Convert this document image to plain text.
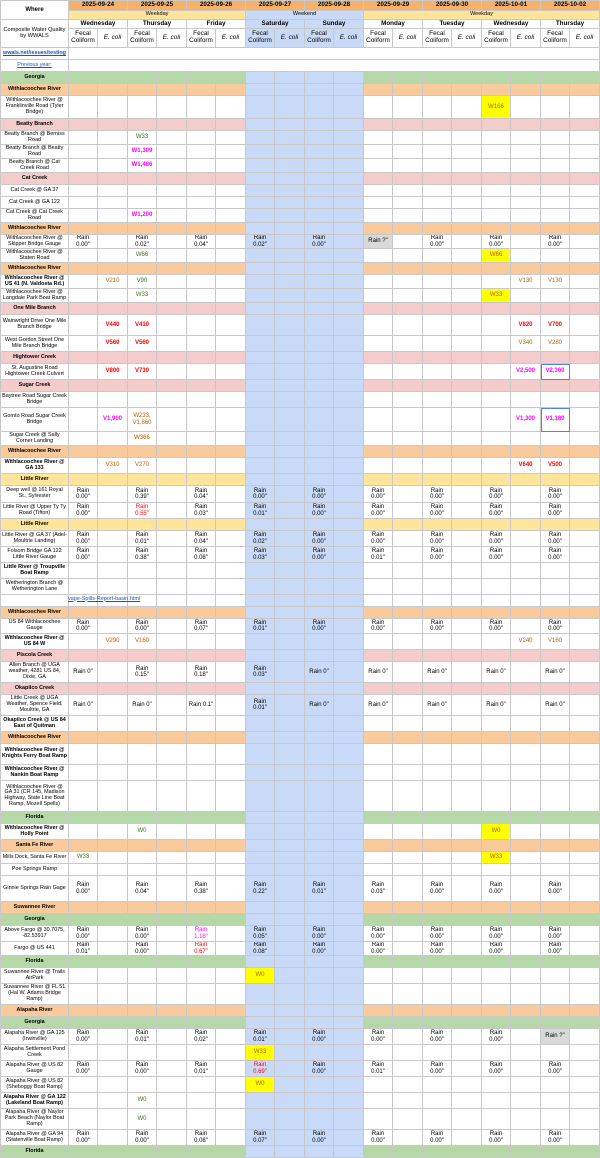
Where	2025-09-24		2025-09-25		2025-09-26		2025-09-27		2025-09-28		2025-09-29		2025-09-30		2025-10-01		2025-10-02	
	Weekday						Weekend				Weekday							
Composite Water Quality by WWALS	Wednesday		Thursday		Friday		Saturday		Sunday		Monday		Tuesday		Wednesday		Thursday	
	Fecal Coliform	E. coli	Fecal Coliform	E. coli	Fecal Coliform	E. coli	Fecal Coliform	E. coli	Fecal Coliform	E. coli	Fecal Coliform	E. coli	Fecal Coliform	E. coli	Fecal Coliform	E. coli	Fecal Coliform	E. coli
wwals.net/issues/testing																		
Previous year:																		
Georgia																		
Withlacoochee River																		
Withlacoochee River @ Franklinville Road (Tyler Bridge)															W166			
Beatty Branch																		
Beatty Branch @ Berniss Road			W33															
Beatty Branch @ Beatty Road			W1,309															
Beatty Branch @ Cat Creek Road			W1,486															
Cat Creek																		
Cat Creek @ GA 37																		
Cat Creek @ GA 122																		
Cat Creek @ Cat Creek Road			W1,200															
Withlacoochee River																		
Withlacoochee River @ Skipper Bridge Gauge	Rain 0.00"		Rain 0.02"		Rain 0.04"		Rain 0.02"		Rain 0.00"		Rain ?"		Rain 0.00"		Rain 0.00"		Rain 0.00"	
Withlacoochee River @ Staten Road			W66												W66			
Withlacoochee River																		
Withlacoochee River @ US 41 (N. Valdosta Rd.)		V210	V90													V130	V130	
Withlacoochee River @ Langdale Park Boat Ramp			W33												W33			
One Mile Branch																		
Wainwright Drive One Mile Branch Bridge		V440	V410													V820	V700	
West Gordon Street One Mile Branch Bridge		V560	V560													V340	V280	
Hightower Creek																		
St. Augustine Road Hightower Creek Culvert		V800	V730													V2,500	V2,360	
Sugar Creek																		
Baytree Road Sugar Creek Bridge																		
Gornto Road Sugar Creek Bridge		V1,900	W233, V1,860													V1,300	V1,180	
Sugar Creek @ Sally Corner Landing			W366															
Withlacoochee River																		
Withlacoochee River @ GA 133		V310	V270													V640	V500	
Little River																		
Deep well @ 161 Royal St., Sylvester	Rain 0.00"		Rain 0.39"		Rain 0.04"		Rain 0.00"		Rain 0.00"		Rain 0.00"		Rain 0.00"		Rain 0.00"		Rain 0.00"	
Little River @ Upper Ty Ty Road (Tifton)	Rain 0.00"		Rain 0.55"		Rain 0.03"		Rain 0.01"		Rain 0.00"		Rain 0.00"		Rain 0.00"		Rain 0.00"		Rain 0.00"	
Little River																		
Little River @ GA 37 (Adel-Moultrie Landing)	Rain 0.00"		Rain 0.01"		Rain 0.04"		Rain 0.02"		Rain 0.00"		Rain 0.00"		Rain 0.00"		Rain 0.00"		Rain 0.00"	
Folsom Bridge GA 122 Little River Gauge	Rain 0.00"		Rain 0.38"		Rain 0.08"		Rain 0.03"		Rain 0.00"		Rain 0.01"		Rain 0.00"		Rain 0.00"		Rain 0.00"	
Little River @ Troupville Boat Ramp																		
Wetherington Branch @ Wetherington Lane																		

Withlacoochee River																		
US 84 Withlacoochee Gauge	Rain 0.00"		Rain 0.00"		Rain 0.07"		Rain 0.01"		Rain 0.00"		Rain 0.00"		Rain 0.00"		Rain 0.00"		Rain 0.00"	
Withlacoochee River @ US 84 W		V290	V160													V240	V160	
Piscola Creek																		
Allen Branch @ UGA weather, 4281 US 84, Dixie, GA	Rain 0"		Rain 0.15"		Rain 0.18"		Rain 0.03"		Rain 0"		Rain 0"		Rain 0"		Rain 0"		Rain 0"	
Okapilco Creek																		
Little Creek @ UGA Weather, Spence Field, Moultrie, GA	Rain 0"		Rain 0"		Rain 0.1"		Rain 0.01"		Rain 0"		Rain 0"		Rain 0"		Rain 0"		Rain 0"	
Okapilco Creek @ US 84 East of Quitman																		
Withlacoochee River																		
Withlacoochee River @ Knights Ferry Boat Ramp																		
Withlacoochee River @ Nankin Boat Ramp																		
Withlacoochee River @ GA 31 (CR 145, Madison Highway, State Line Boat Ramp, Mozell Spells)																		
Florida																		
Withlacoochee River @ Holly Point			W0												W0			
Santa Fe River																		
Mills Dock, Santa Fe River	W33														W33			
Poe Springs Ramp																		
Ginnie Springs Rain Gage	Rain 0.00"		Rain 0.04"		Rain 0.38"		Rain 0.22"		Rain 0.01"		Rain 0.03"		Rain 0.00"		Rain 0.00"		Rain 0.00"	
Suwannee River																		
Georgia																		
Above Fargo @ 30.7075, -82.53917	Rain 0.00"		Rain 0.00"		Rain 1.18"		Rain 0.05"		Rain 0.00"		Rain 0.00"		Rain 0.00"		Rain 0.00"		Rain 0.00"	
Fargo @ US 441	Rain 0.01"		Rain 0.00"		Rain 0.67"		Rain 0.08"		Rain 0.00"		Rain 0.00"		Rain 0.00"		Rain 0.00"		Rain 0.00"	
Florida																		
Suwannee River @ Trails AirPark							W0											
Suwannee River @ FL 51 (Hal W. Adams Bridge Ramp)																		
Alapaha River																		
Georgia																		
Alapaha River @ GA 125 (Irwinville)	Rain 0.00"		Rain 0.01"		Rain 0.02"		Rain 0.01"		Rain 0.00"		Rain 0.00"		Rain 0.00"		Rain 0.00"		Rain ?"	
Alapaha Settlement Pond Creek							W33											
Alapaha River @ US 82 Gauge	Rain 0.00"		Rain 0.00"		Rain 0.01"		Rain 0.69"		Rain 0.00"		Rain 0.01"		Rain 0.00"		Rain 0.00"		Rain 0.00"	
Alapaha River @ US 82 (Sheboggy Boat Ramp)							W0											
Alapaha River @ GA 122 (Lakeland Boat Ramp)			W0															
Alapaha River @ Naylor Park Beach (Naylor Boat Ramp)			W0															
Alapaha River @ GA 94 (Statenville Boat Ramp)	Rain 0.00"		Rain 0.00"		Rain 0.08"		Rain 0.07"		Rain 0.00"		Rain 0.00"		Rain 0.00"		Rain 0.00"		Rain 0.00"	
Florida																		
vage-Spills-Report-basin.html
